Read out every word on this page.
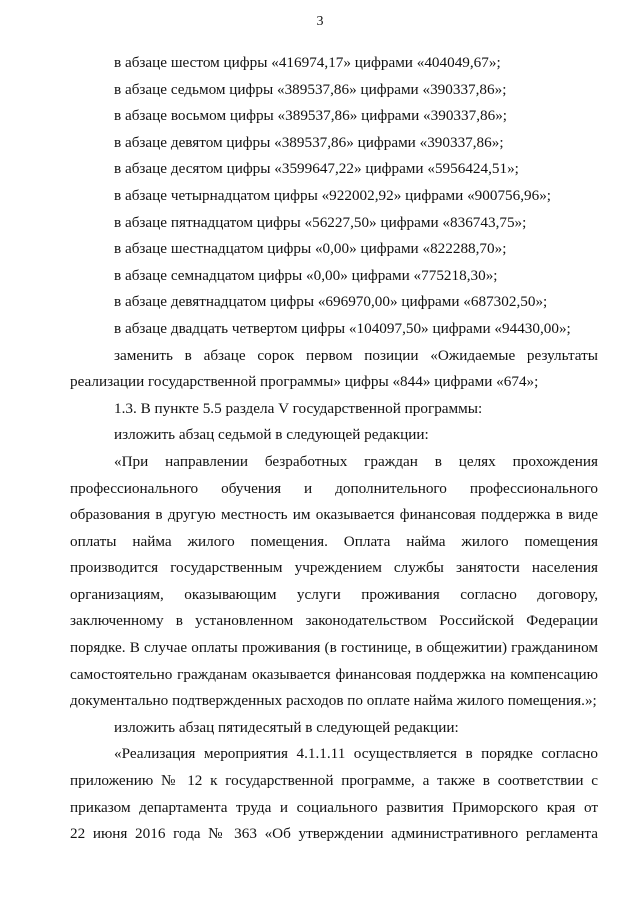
3
в абзаце шестом цифры «416974,17» цифрами «404049,67»;
в абзаце седьмом цифры «389537,86» цифрами «390337,86»;
в абзаце восьмом цифры «389537,86» цифрами «390337,86»;
в абзаце девятом цифры «389537,86» цифрами «390337,86»;
в абзаце десятом цифры «3599647,22» цифрами «5956424,51»;
в абзаце четырнадцатом цифры «922002,92» цифрами «900756,96»;
в абзаце пятнадцатом цифры «56227,50» цифрами «836743,75»;
в абзаце шестнадцатом цифры «0,00» цифрами «822288,70»;
в абзаце семнадцатом цифры «0,00» цифрами «775218,30»;
в абзаце девятнадцатом цифры «696970,00» цифрами «687302,50»;
в абзаце двадцать четвертом цифры «104097,50» цифрами «94430,00»;
заменить в абзаце сорок первом позиции «Ожидаемые результаты
реализации государственной программы» цифры «844» цифрами «674»;
1.3. В пункте 5.5 раздела V государственной программы:
изложить абзац седьмой в следующей редакции:
«При направлении безработных граждан в целях прохождения
профессионального обучения и дополнительного профессионального
образования в другую местность им оказывается финансовая поддержка в виде
оплаты найма жилого помещения. Оплата найма жилого помещения
производится государственным учреждением службы занятости населения
организациям, оказывающим услуги проживания согласно договору,
заключенному в установленном законодательством Российской Федерации
порядке. В случае оплаты проживания (в гостинице, в общежитии) гражданином
самостоятельно гражданам оказывается финансовая поддержка на компенсацию
документально подтвержденных расходов по оплате найма жилого помещения.»;
изложить абзац пятидесятый в следующей редакции:
«Реализация мероприятия 4.1.1.11 осуществляется в порядке согласно
приложению № 12 к государственной программе, а также в соответствии с
приказом департамента труда и социального развития Приморского края от
22 июня 2016 года № 363 «Об утверждении административного регламента
